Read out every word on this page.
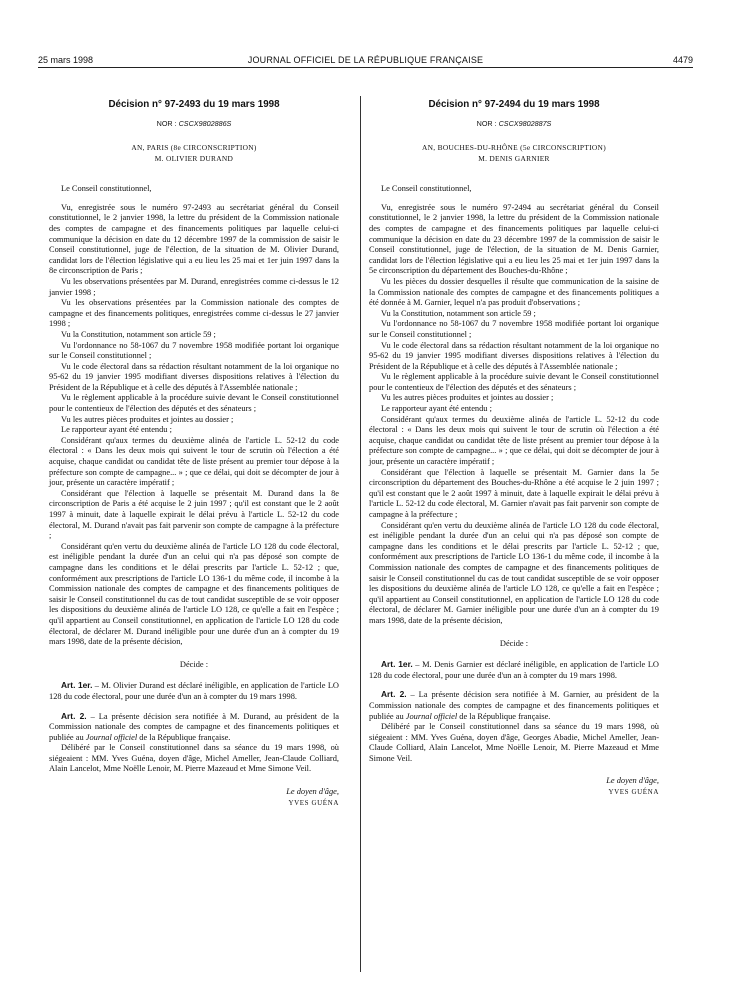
25 mars 1998	JOURNAL OFFICIEL DE LA RÉPUBLIQUE FRANÇAISE	4479
Décision n° 97-2493 du 19 mars 1998
NOR : CSCX9802886S
AN, PARIS (8e CIRCONSCRIPTION)
M. OLIVIER DURAND

Le Conseil constitutionnel,

Vu, enregistrée sous le numéro 97-2493 au secrétariat général du Conseil constitutionnel, le 2 janvier 1998, la lettre du président de la Commission nationale des comptes de campagne et des financements politiques par laquelle celui-ci communique la décision en date du 12 décembre 1997 de la commission de saisir le Conseil constitutionnel, juge de l'élection, de la situation de M. Olivier Durand, candidat lors de l'élection législative qui a eu lieu les 25 mai et 1er juin 1997 dans la 8e circonscription de Paris ;

Vu les observations présentées par M. Durand, enregistrées comme ci-dessus le 12 janvier 1998 ;

Vu les observations présentées par la Commission nationale des comptes de campagne et des financements politiques, enregistrées comme ci-dessus le 27 janvier 1998 ;

Vu la Constitution, notamment son article 59 ;

Vu l'ordonnance no 58-1067 du 7 novembre 1958 modifiée portant loi organique sur le Conseil constitutionnel ;

Vu le code électoral dans sa rédaction résultant notamment de la loi organique no 95-62 du 19 janvier 1995 modifiant diverses dispositions relatives à l'élection du Président de la République et à celle des députés à l'Assemblée nationale ;

Vu le règlement applicable à la procédure suivie devant le Conseil constitutionnel pour le contentieux de l'élection des députés et des sénateurs ;

Vu les autres pièces produites et jointes au dossier ;

Le rapporteur ayant été entendu ;

Considérant qu'aux termes du deuxième alinéa de l'article L. 52-12 du code électoral : « Dans les deux mois qui suivent le tour de scrutin où l'élection a été acquise, chaque candidat ou candidat tête de liste présent au premier tour dépose à la préfecture son compte de campagne... » ; que ce délai, qui doit se décompter de jour à jour, présente un caractère impératif ;

Considérant que l'élection à laquelle se présentait M. Durand dans la 8e circonscription de Paris a été acquise le 2 juin 1997 ; qu'il est constant que le 2 août 1997 à minuit, date à laquelle expirait le délai prévu à l'article L. 52-12 du code électoral, M. Durand n'avait pas fait parvenir son compte de campagne à la préfecture ;

Considérant qu'en vertu du deuxième alinéa de l'article LO 128 du code électoral, est inéligible pendant la durée d'un an celui qui n'a pas déposé son compte de campagne dans les conditions et le délai prescrits par l'article L. 52-12 ; que, conformément aux prescriptions de l'article LO 136-1 du même code, il incombe à la Commission nationale des comptes de campagne et des financements politiques de saisir le Conseil constitutionnel du cas de tout candidat susceptible de se voir opposer les dispositions du deuxième alinéa de l'article LO 128, ce qu'elle a fait en l'espèce ; qu'il appartient au Conseil constitutionnel, en application de l'article LO 128 du code électoral, de déclarer M. Durand inéligible pour une durée d'un an à compter du 19 mars 1998, date de la présente décision,

Décide :

Art. 1er. – M. Olivier Durand est déclaré inéligible, en application de l'article LO 128 du code électoral, pour une durée d'un an à compter du 19 mars 1998.

Art. 2. – La présente décision sera notifiée à M. Durand, au président de la Commission nationale des comptes de campagne et des financements politiques et publiée au Journal officiel de la République française.

Délibéré par le Conseil constitutionnel dans sa séance du 19 mars 1998, où siégeaient : MM. Yves Guéna, doyen d'âge, Michel Ameller, Jean-Claude Colliard, Alain Lancelot, Mme Noëlle Lenoir, M. Pierre Mazeaud et Mme Simone Veil.

Le doyen d'âge,
YVES GUÉNA
Décision n° 97-2494 du 19 mars 1998
NOR : CSCX9802887S
AN, BOUCHES-DU-RHÔNE (5e CIRCONSCRIPTION)
M. DENIS GARNIER

Le Conseil constitutionnel,

Vu, enregistrée sous le numéro 97-2494 au secrétariat général du Conseil constitutionnel, le 2 janvier 1998, la lettre du président de la Commission nationale des comptes de campagne et des financements politiques par laquelle celui-ci communique la décision en date du 23 décembre 1997 de la commission de saisir le Conseil constitutionnel, juge de l'élection, de la situation de M. Denis Garnier, candidat lors de l'élection législative qui a eu lieu les 25 mai et 1er juin 1997 dans la 5e circonscription du département des Bouches-du-Rhône ;

Vu les pièces du dossier desquelles il résulte que communication de la saisine de la Commission nationale des comptes de campagne et des financements politiques a été donnée à M. Garnier, lequel n'a pas produit d'observations ;

Vu la Constitution, notamment son article 59 ;

Vu l'ordonnance no 58-1067 du 7 novembre 1958 modifiée portant loi organique sur le Conseil constitutionnel ;

Vu le code électoral dans sa rédaction résultant notamment de la loi organique no 95-62 du 19 janvier 1995 modifiant diverses dispositions relatives à l'élection du Président de la République et à celle des députés à l'Assemblée nationale ;

Vu le règlement applicable à la procédure suivie devant le Conseil constitutionnel pour le contentieux de l'élection des députés et des sénateurs ;

Vu les autres pièces produites et jointes au dossier ;

Le rapporteur ayant été entendu ;

Considérant qu'aux termes du deuxième alinéa de l'article L. 52-12 du code électoral : « Dans les deux mois qui suivent le tour de scrutin où l'élection a été acquise, chaque candidat ou candidat tête de liste présent au premier tour dépose à la préfecture son compte de campagne... » ; que ce délai, qui doit se décompter de jour à jour, présente un caractère impératif ;

Considérant que l'élection à laquelle se présentait M. Garnier dans la 5e circonscription du département des Bouches-du-Rhône a été acquise le 2 juin 1997 ; qu'il est constant que le 2 août 1997 à minuit, date à laquelle expirait le délai prévu à l'article L. 52-12 du code électoral, M. Garnier n'avait pas fait parvenir son compte de campagne à la préfecture ;

Considérant qu'en vertu du deuxième alinéa de l'article LO 128 du code électoral, est inéligible pendant la durée d'un an celui qui n'a pas déposé son compte de campagne dans les conditions et le délai prescrits par l'article L. 52-12 ; que, conformément aux prescriptions de l'article LO 136-1 du même code, il incombe à la Commission nationale des comptes de campagne et des financements politiques de saisir le Conseil constitutionnel du cas de tout candidat susceptible de se voir opposer les dispositions du deuxième alinéa de l'article LO 128, ce qu'elle a fait en l'espèce ; qu'il appartient au Conseil constitutionnel, en application de l'article LO 128 du code électoral, de déclarer M. Garnier inéligible pour une durée d'un an à compter du 19 mars 1998, date de la présente décision,

Décide :

Art. 1er. – M. Denis Garnier est déclaré inéligible, en application de l'article LO 128 du code électoral, pour une durée d'un an à compter du 19 mars 1998.

Art. 2. – La présente décision sera notifiée à M. Garnier, au président de la Commission nationale des comptes de campagne et des financements politiques et publiée au Journal officiel de la République française.

Délibéré par le Conseil constitutionnel dans sa séance du 19 mars 1998, où siégeaient : MM. Yves Guéna, doyen d'âge, Georges Abadie, Michel Ameller, Jean-Claude Colliard, Alain Lancelot, Mme Noëlle Lenoir, M. Pierre Mazeaud et Mme Simone Veil.

Le doyen d'âge,
YVES GUÉNA
